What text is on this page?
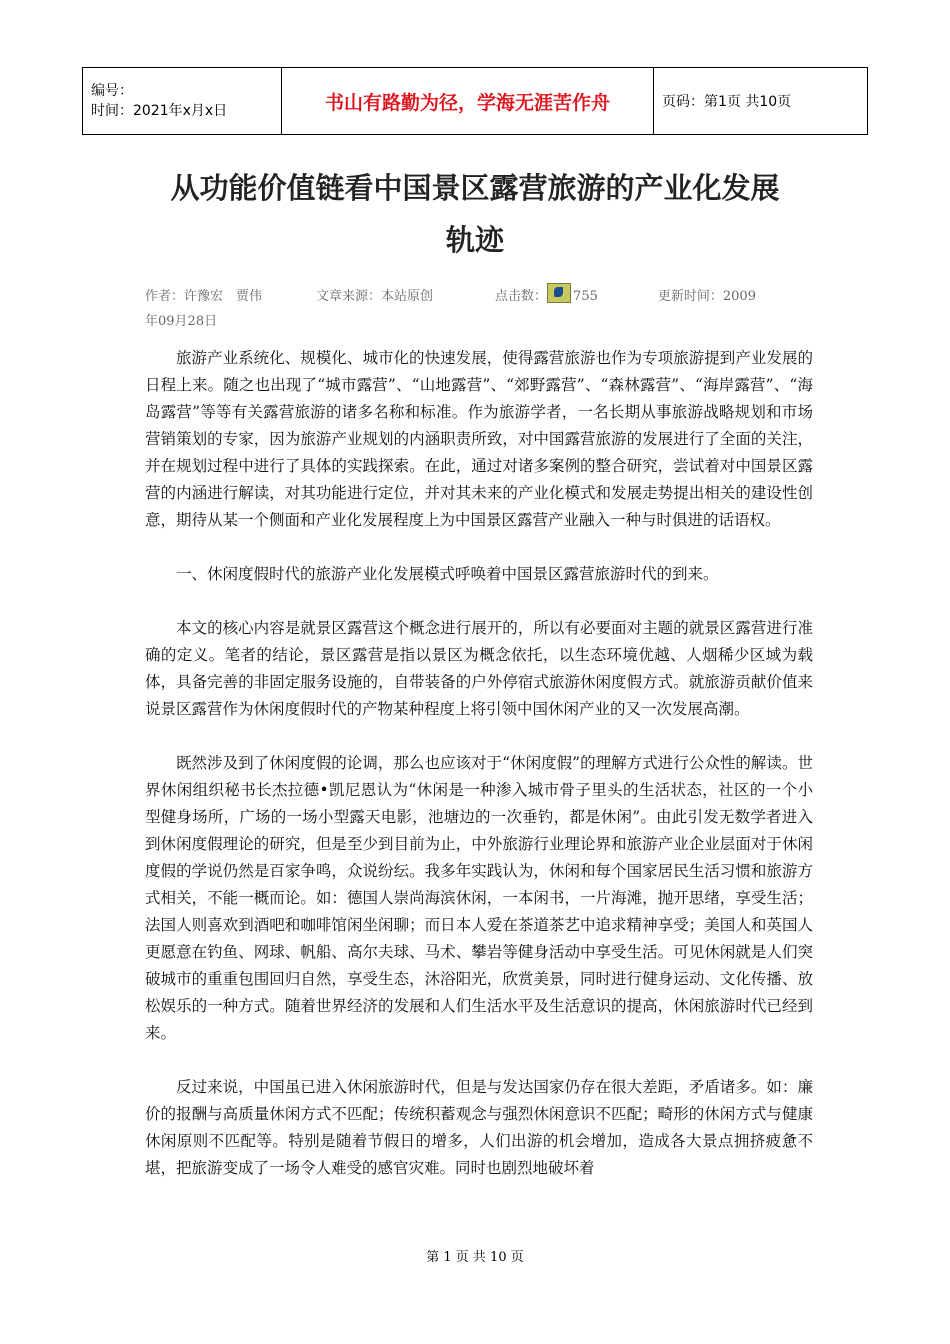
编号：
时间：2021年x月x日	书山有路勤为径，学海无涯苦作舟	页码：第1页 共10页
从功能价值链看中国景区露营旅游的产业化发展
轨迹
作者：许豫宏　贾伟	文章来源：本站原创	点击数： 755	更新时间：2009
年09月28日

旅游产业系统化、规模化、城市化的快速发展，使得露营旅游也作为专项旅游提到产业发展的日程上来。随之也出现了“城市露营”、“山地露营”、“郊野露营”、“森林露营”、“海岸露营”、“海岛露营”等等有关露营旅游的诸多名称和标准。作为旅游学者，一名长期从事旅游战略规划和市场营销策划的专家，因为旅游产业规划的内涵职责所致，对中国露营旅游的发展进行了全面的关注，并在规划过程中进行了具体的实践探索。在此，通过对诸多案例的整合研究，尝试着对中国景区露营的内涵进行解读，对其功能进行定位，并对其未来的产业化模式和发展走势提出相关的建设性创意，期待从某一个侧面和产业化发展程度上为中国景区露营产业融入一种与时俱进的话语权。

一、休闲度假时代的旅游产业化发展模式呼唤着中国景区露营旅游时代的到来。

本文的核心内容是就景区露营这个概念进行展开的，所以有必要面对主题的就景区露营进行准确的定义。笔者的结论，景区露营是指以景区为概念依托，以生态环境优越、人烟稀少区域为载体，具备完善的非固定服务设施的，自带装备的户外停宿式旅游休闲度假方式。就旅游贡献价值来说景区露营作为休闲度假时代的产物某种程度上将引领中国休闲产业的又一次发展高潮。

既然涉及到了休闲度假的论调，那么也应该对于“休闲度假”的理解方式进行公众性的解读。世界休闲组织秘书长杰拉德•凯尼恩认为“休闲是一种渗入城市骨子里头的生活状态，社区的一个小型健身场所，广场的一场小型露天电影，池塘边的一次垂钓，都是休闲”。由此引发无数学者进入到休闲度假理论的研究，但是至少到目前为止，中外旅游行业理论界和旅游产业企业层面对于休闲度假的学说仍然是百家争鸣，众说纷纭。我多年实践认为，休闲和每个国家居民生活习惯和旅游方式相关，不能一概而论。如：德国人崇尚海滨休闲，一本闲书，一片海滩，抛开思绪，享受生活；法国人则喜欢到酒吧和咖啡馆闲坐闲聊；而日本人爱在茶道茶艺中追求精神享受；美国人和英国人更愿意在钓鱼、网球、帆船、高尔夫球、马术、攀岩等健身活动中享受生活。可见休闲就是人们突破城市的重重包围回归自然，享受生态，沐浴阳光，欣赏美景，同时进行健身运动、文化传播、放松娱乐的一种方式。随着世界经济的发展和人们生活水平及生活意识的提高，休闲旅游时代已经到来。

反过来说，中国虽已进入休闲旅游时代，但是与发达国家仍存在很大差距，矛盾诸多。如：廉价的报酬与高质量休闲方式不匹配；传统积蓄观念与强烈休闲意识不匹配；畸形的休闲方式与健康休闲原则不匹配等。特别是随着节假日的增多，人们出游的机会增加，造成各大景点拥挤疲惫不堪，把旅游变成了一场令人难受的感官灾难。同时也剧烈地破坏着

第 1 页 共 10 页
